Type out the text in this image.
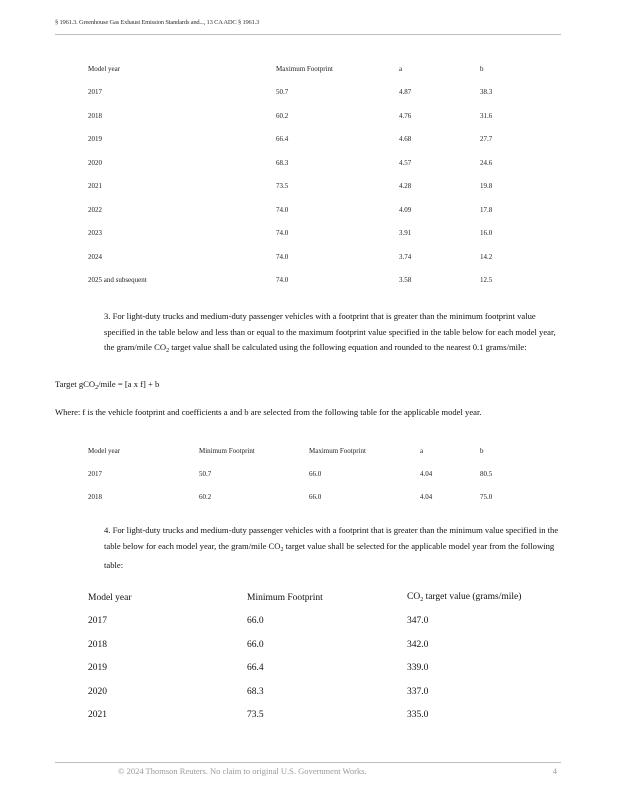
§ 1961.3. Greenhouse Gas Exhaust Emission Standards and..., 13 CA ADC § 1961.3
Model year	Maximum Footprint	a	b
2017	50.7	4.87	38.3
2018	60.2	4.76	31.6
2019	66.4	4.68	27.7
2020	68.3	4.57	24.6
2021	73.5	4.28	19.8
2022	74.0	4.09	17.8
2023	74.0	3.91	16.0
2024	74.0	3.74	14.2
2025 and subsequent	74.0	3.58	12.5
3. For light-duty trucks and medium-duty passenger vehicles with a footprint that is greater than the minimum footprint value specified in the table below and less than or equal to the maximum footprint value specified in the table below for each model year, the gram/mile $CO_2$ target value shall be calculated using the following equation and rounded to the nearest 0.1 grams/mile:
Target gCO$_2$/mile = [a x f] + b
Where: f is the vehicle footprint and coefficients a and b are selected from the following table for the applicable model year.
Model year	Minimum Footprint	Maximum Footprint	a	b
2017	50.7	66.0	4.04	80.5
2018	60.2	66.0	4.04	75.0
4. For light-duty trucks and medium-duty passenger vehicles with a footprint that is greater than the minimum value specified in the table below for each model year, the gram/mile $CO_2$ target value shall be selected for the applicable model year from the following table:
Model year	Minimum Footprint	$CO_2$ target value (grams/mile)
2017	66.0	347.0
2018	66.0	342.0
2019	66.4	339.0
2020	68.3	337.0
2021	73.5	335.0
© 2024 Thomson Reuters. No claim to original U.S. Government Works.	4
